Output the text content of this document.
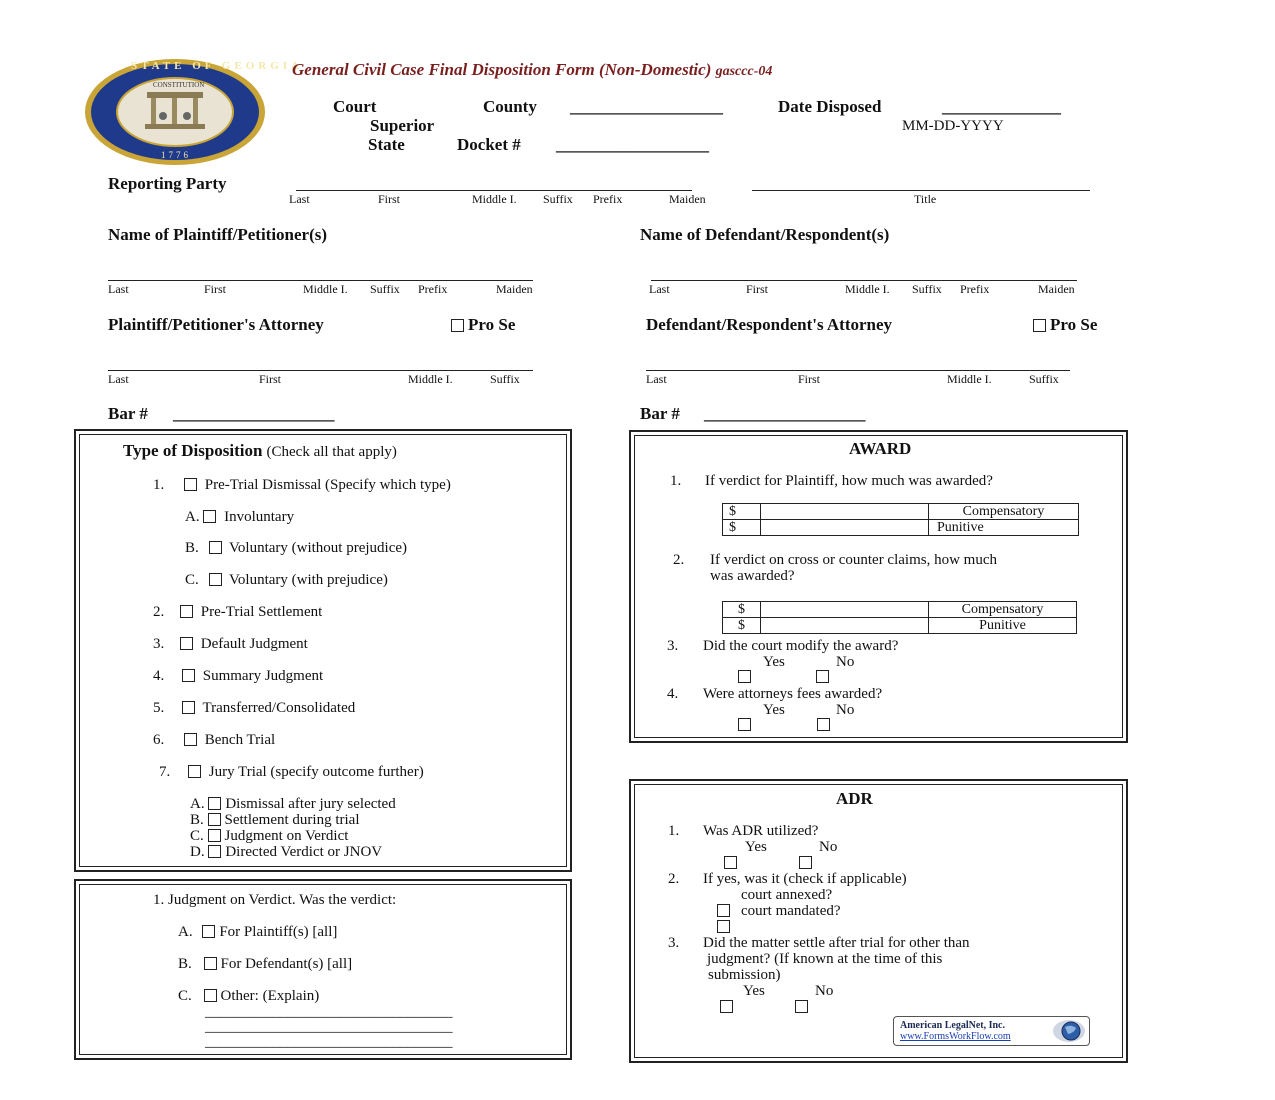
STATE OF GEORGIA
CONSTITUTION
1776
General Civil Case Final Disposition Form (Non-Domestic) gasccc-04
Court	County __________________	Date Disposed	______________
Superior	MM-DD-YYYY
State	Docket # __________________
Reporting Party
Last	First	Middle I. Suffix Prefix	Maiden	Title
Name of Plaintiff/Petitioner(s)
Last	First	Middle I. Suffix Prefix	Maiden
Plaintiff/Petitioner's Attorney	Pro Se
Last	First	Middle I.	Suffix
Bar # ___________________
Name of Defendant/Respondent(s)
Last	First	Middle I. Suffix Prefix	Maiden
Defendant/Respondent's Attorney	Pro Se
Last	First	Middle I.	Suffix
Bar # ___________________
Type of Disposition (Check all that apply)
1.	Pre-Trial Dismissal (Specify which type)
A. Involuntary
B. Voluntary (without prejudice)
C. Voluntary (with prejudice)
2. Pre-Trial Settlement
3. Default Judgment
4.	Summary Judgment
5.	Transferred/Consolidated
6.	Bench Trial
7.	Jury Trial (specify outcome further)
A. Dismissal after jury selected
B. Settlement during trial
C. Judgment on Verdict
D. Directed Verdict or JNOV
1. Judgment on Verdict. Was the verdict:
A. For Plaintiff(s) [all]
B. For Defendant(s) [all]
C. Other: (Explain)
_________________________________
_________________________________
_________________________________
AWARD
1. If verdict for Plaintiff, how much was awarded?
$		Compensatory
$		Punitive
2. If verdict on cross or counter claims, how much
was awarded?
$		Compensatory
$		Punitive
3. Did the court modify the award?
Yes	No
4. Were attorneys fees awarded?
Yes	No
ADR
1. Was ADR utilized?
Yes	No
2. If yes, was it (check if applicable)
court annexed?
court mandated?
3. Did the matter settle after trial for other than
judgment? (If known at the time of this
submission)
Yes	No
American LegalNet, Inc.
www.FormsWorkFlow.com
